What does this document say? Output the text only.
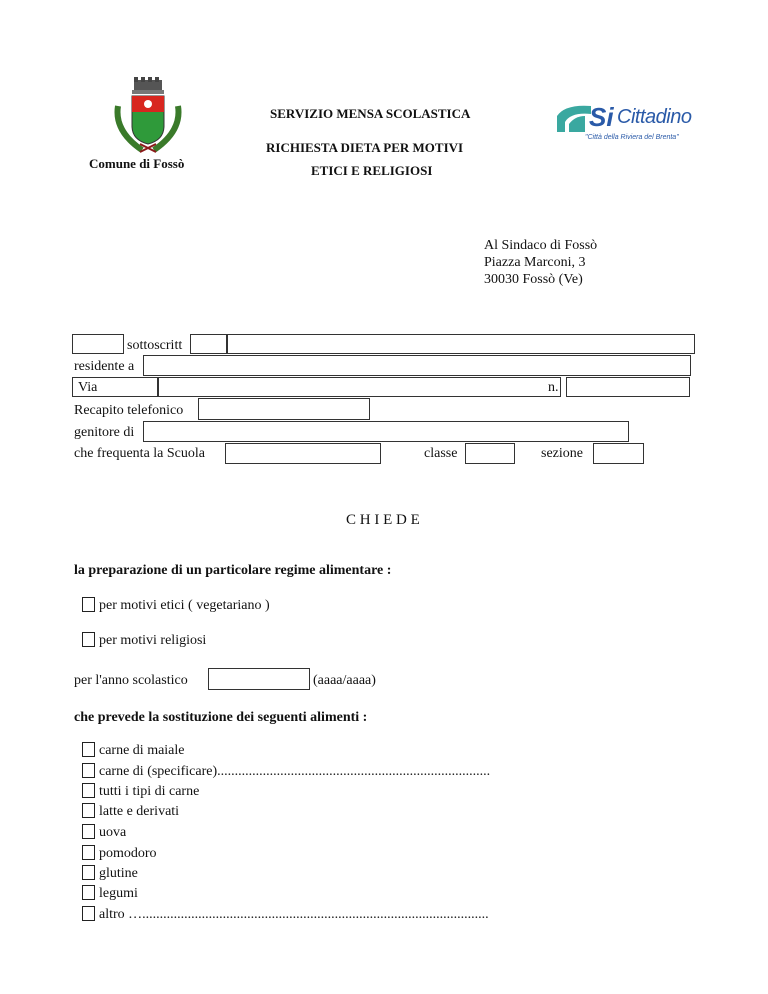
Comune di Fossò
SERVIZIO MENSA SCOLASTICA
RICHIESTA DIETA PER MOTIVI
ETICI E RELIGIOSI
Si Cittadino
"Città della Riviera del Brenta"
Al Sindaco di Fossò
Piazza Marconi, 3
30030 Fossò (Ve)
sottoscritt
residente a
Via	n.
Recapito telefonico
genitore di
che frequenta la Scuola	classe	sezione
C H I E D E
la preparazione di un particolare regime alimentare :
per motivi etici ( vegetariano )
per motivi religiosi
per l'anno scolastico	(aaaa/aaaa)
che prevede la sostituzione dei seguenti alimenti :
carne di maiale
carne di (specificare)..............................................................................
tutti i tipi di carne
latte e derivati
uova
pomodoro
glutine
legumi
altro …...................................................................................................
